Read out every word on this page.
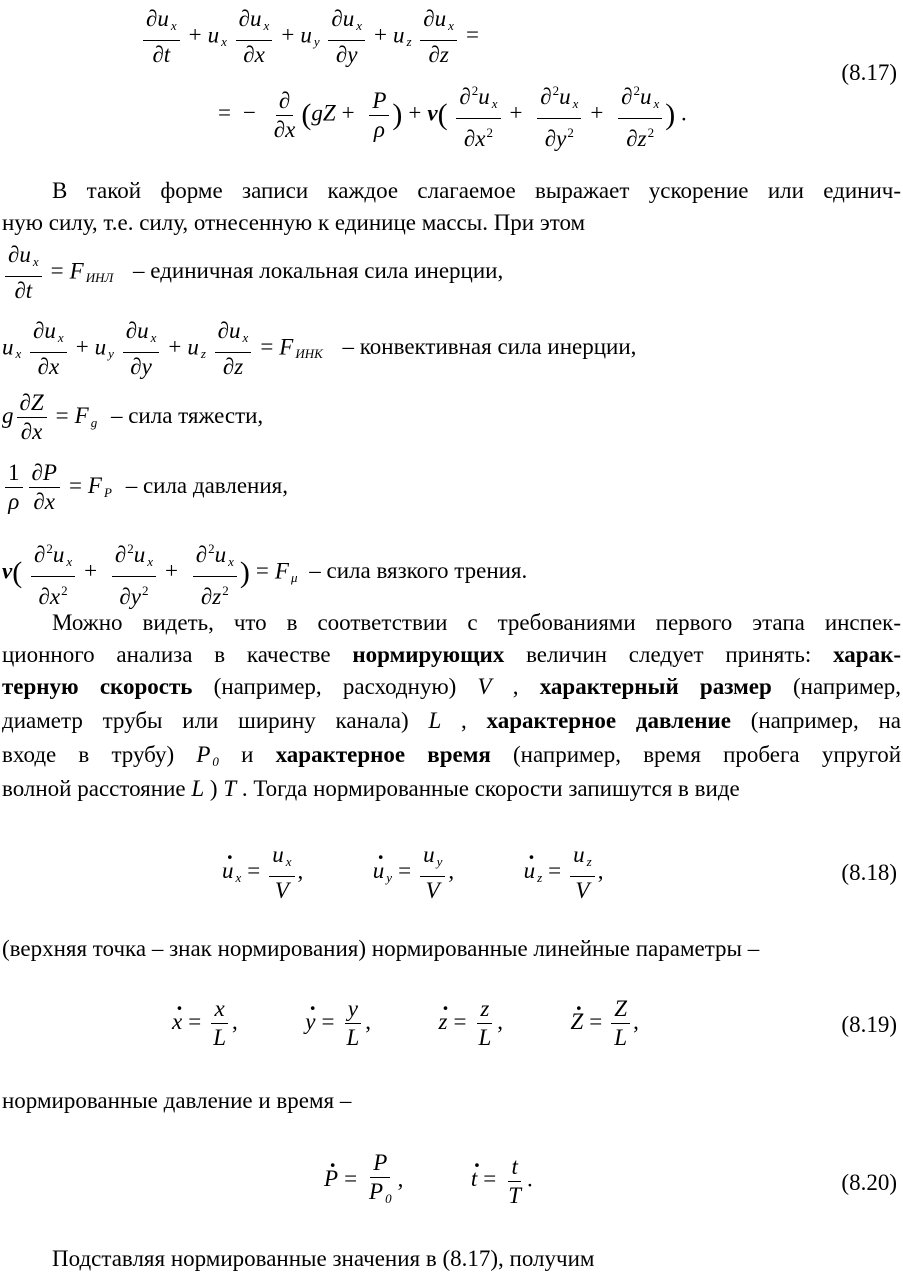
$\frac{\partial u _x}{\partial t} + u$ $_x \frac{\partial u _x}{\partial x} + u$ $_y \frac{\partial u _x}{\partial y} + u$ $_z \frac{\partial u _x}{\partial z}$ =
(8.17)
= − $\frac{\partial}{\partial x} (gZ + \frac{P}{\rho}$ ) + $\nu( \frac{\partial^2u _x}{\partial x^2} + \frac{\partial^2u _x}{\partial y^2} + \frac{\partial^2u _x}{\partial z^2}$ ) .
В такой форме записи каждое слагаемое выражает ускорение или единич-
ную силу, т.е. силу, отнесенную к единице массы. При этом
$\frac{\partial u _x}{\partial t} = F$ $_{ИНЛ}$ – единичная локальная сила инерции,
u $_x \frac{\partial u _x}{\partial x} + u$ $_y \frac{\partial u _x}{\partial y} + u$ $_z \frac{\partial u _x}{\partial z} = F$ $_{ИНК}$ – конвективная сила инерции,
g $\frac{\partial Z}{\partial x} = F$ $_g$ – сила тяжести,
$\frac{1}{\rho} \frac{\partial P}{\partial x} = F$ $_P$ – сила давления,
$\nu( \frac{\partial^2u _x}{\partial x^2} + \frac{\partial^2u _x}{\partial y^2} + \frac{\partial^2u _x}{\partial z^2}$ ) = F $_\mu$ – сила вязкого трения.
Можно видеть, что в соответствии с требованиями первого этапа инспек-
ционного анализа в качестве нормирующих величин следует принять: харак-
терную скорость (например, расходную) V , характерный размер (например,
диаметр трубы или ширину канала) L , характерное давление (например, на
входе в трубу) P $_0$ и характерное время (например, время пробега упругой
волной расстояние L ) T . Тогда нормированные скорости запишутся в виде
· u $_x = \frac{u _x}{V}$ ,	· u $_y = \frac{u _y}{V}$ ,	· u $_z = \frac{u _z}{V}$ ,	(8.18)
(верхняя точка – знак нормирования) нормированные линейные параметры –
· $x = \frac{x}{L}$ ,	· $y = \frac{y}{L}$ ,	· $z = \frac{z}{L}$ ,	· $Z = \frac{Z}{L}$ ,	(8.19)
нормированные давление и время –
· $P = \frac{P}{P _0}$ ,	· $t = \frac{t}{T}$ .	(8.20)
Подставляя нормированные значения в (8.17), получим
